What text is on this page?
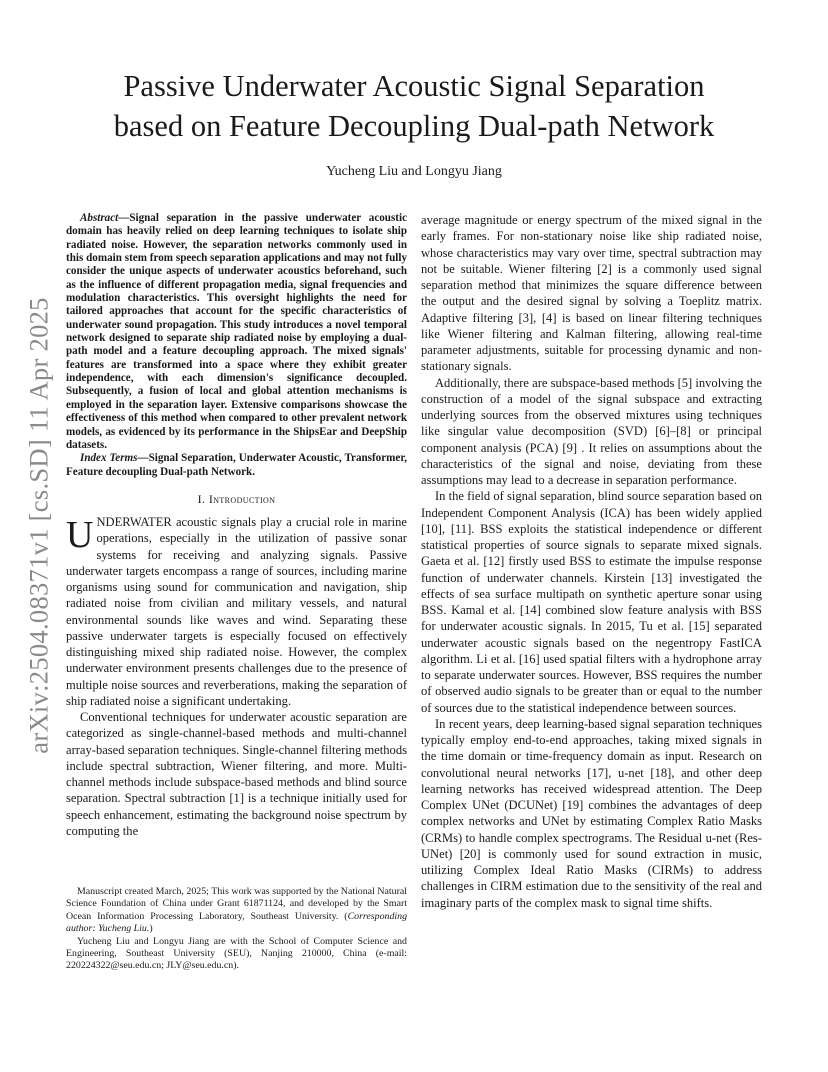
arXiv:2504.08371v1 [cs.SD] 11 Apr 2025
Passive Underwater Acoustic Signal Separation
based on Feature Decoupling Dual-path Network
Yucheng Liu and Longyu Jiang

Abstract—Signal separation in the passive underwater acoustic domain has heavily relied on deep learning techniques to isolate ship radiated noise. However, the separation networks commonly used in this domain stem from speech separation applications and may not fully consider the unique aspects of underwater acoustics beforehand, such as the influence of different propagation media, signal frequencies and modulation characteristics. This oversight highlights the need for tailored approaches that account for the specific characteristics of underwater sound propagation. This study introduces a novel temporal network designed to separate ship radiated noise by employing a dual-path model and a feature decoupling approach. The mixed signals' features are transformed into a space where they exhibit greater independence, with each dimension's significance decoupled. Subsequently, a fusion of local and global attention mechanisms is employed in the separation layer. Extensive comparisons showcase the effectiveness of this method when compared to other prevalent network models, as evidenced by its performance in the ShipsEar and DeepShip datasets.

Index Terms—Signal Separation, Underwater Acoustic, Transformer, Feature decoupling Dual-path Network.

I. Introduction

UNDERWATER acoustic signals play a crucial role in marine operations, especially in the utilization of passive sonar systems for receiving and analyzing signals. Passive underwater targets encompass a range of sources, including marine organisms using sound for communication and navigation, ship radiated noise from civilian and military vessels, and natural environmental sounds like waves and wind. Separating these passive underwater targets is especially focused on effectively distinguishing mixed ship radiated noise. However, the complex underwater environment presents challenges due to the presence of multiple noise sources and reverberations, making the separation of ship radiated noise a significant undertaking.

Conventional techniques for underwater acoustic separation are categorized as single-channel-based methods and multi-channel array-based separation techniques. Single-channel filtering methods include spectral subtraction, Wiener filtering, and more. Multi-channel methods include subspace-based methods and blind source separation. Spectral subtraction [1] is a technique initially used for speech enhancement, estimating the background noise spectrum by computing the

Manuscript created March, 2025; This work was supported by the National Natural Science Foundation of China under Grant 61871124, and developed by the Smart Ocean Information Processing Laboratory, Southeast University. (Corresponding author: Yucheng Liu.)

Yucheng Liu and Longyu Jiang are with the School of Computer Science and Engineering, Southeast University (SEU), Nanjing 210000, China (e-mail: 220224322@seu.edu.cn; JLY@seu.edu.cn).

average magnitude or energy spectrum of the mixed signal in the early frames. For non-stationary noise like ship radiated noise, whose characteristics may vary over time, spectral subtraction may not be suitable. Wiener filtering [2] is a commonly used signal separation method that minimizes the square difference between the output and the desired signal by solving a Toeplitz matrix. Adaptive filtering [3], [4] is based on linear filtering techniques like Wiener filtering and Kalman filtering, allowing real-time parameter adjustments, suitable for processing dynamic and non-stationary signals.

Additionally, there are subspace-based methods [5] involving the construction of a model of the signal subspace and extracting underlying sources from the observed mixtures using techniques like singular value decomposition (SVD) [6]–[8] or principal component analysis (PCA) [9] . It relies on assumptions about the characteristics of the signal and noise, deviating from these assumptions may lead to a decrease in separation performance.

In the field of signal separation, blind source separation based on Independent Component Analysis (ICA) has been widely applied [10], [11]. BSS exploits the statistical independence or different statistical properties of source signals to separate mixed signals. Gaeta et al. [12] firstly used BSS to estimate the impulse response function of underwater channels. Kirstein [13] investigated the effects of sea surface multipath on synthetic aperture sonar using BSS. Kamal et al. [14] combined slow feature analysis with BSS for underwater acoustic signals. In 2015, Tu et al. [15] separated underwater acoustic signals based on the negentropy FastICA algorithm. Li et al. [16] used spatial filters with a hydrophone array to separate underwater sources. However, BSS requires the number of observed audio signals to be greater than or equal to the number of sources due to the statistical independence between sources.

In recent years, deep learning-based signal separation techniques typically employ end-to-end approaches, taking mixed signals in the time domain or time-frequency domain as input. Research on convolutional neural networks [17], u-net [18], and other deep learning networks has received widespread attention. The Deep Complex UNet (DCUNet) [19] combines the advantages of deep complex networks and UNet by estimating Complex Ratio Masks (CRMs) to handle complex spectrograms. The Residual u-net (Res-UNet) [20] is commonly used for sound extraction in music, utilizing Complex Ideal Ratio Masks (CIRMs) to address challenges in CIRM estimation due to the sensitivity of the real and imaginary parts of the complex mask to signal time shifts.
